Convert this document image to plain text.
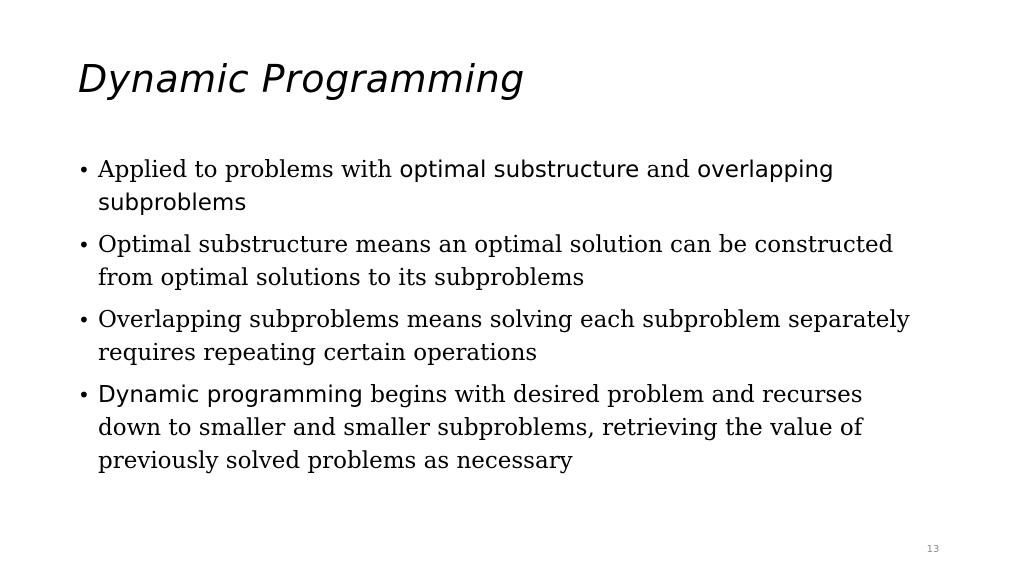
Dynamic Programming
• Applied to problems with optimal substructure and overlapping subproblems
• Optimal substructure means an optimal solution can be constructed from optimal solutions to its subproblems
• Overlapping subproblems means solving each subproblem separately requires repeating certain operations
• Dynamic programming begins with desired problem and recurses down to smaller and smaller subproblems, retrieving the value of previously solved problems as necessary
13
